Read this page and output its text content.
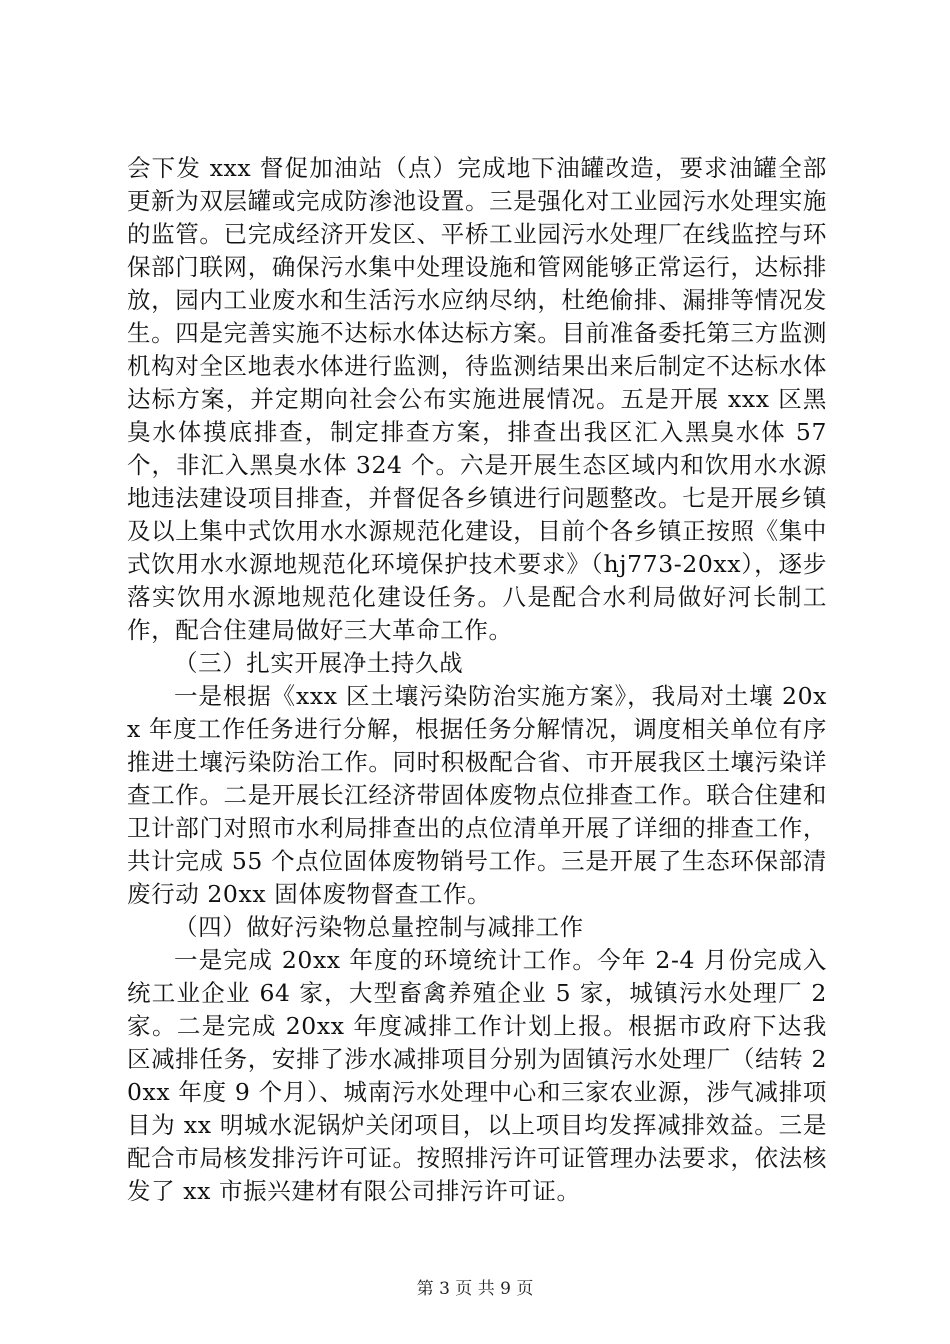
会下发 xxx 督促加油站（点）完成地下油罐改造，要求油罐全部更新为双层罐或完成防渗池设置。三是强化对工业园污水处理实施的监管。已完成经济开发区、平桥工业园污水处理厂在线监控与环保部门联网，确保污水集中处理设施和管网能够正常运行，达标排放，园内工业废水和生活污水应纳尽纳，杜绝偷排、漏排等情况发生。四是完善实施不达标水体达标方案。目前准备委托第三方监测机构对全区地表水体进行监测，待监测结果出来后制定不达标水体达标方案，并定期向社会公布实施进展情况。五是开展 xxx 区黑臭水体摸底排查，制定排查方案，排查出我区汇入黑臭水体 57 个，非汇入黑臭水体 324 个。六是开展生态区域内和饮用水水源地违法建设项目排查，并督促各乡镇进行问题整改。七是开展乡镇及以上集中式饮用水水源规范化建设，目前个各乡镇正按照《集中式饮用水水源地规范化环境保护技术要求》（hj773-20xx），逐步落实饮用水源地规范化建设任务。八是配合水利局做好河长制工作，配合住建局做好三大革命工作。

（三）扎实开展净土持久战

一是根据《xxx 区土壤污染防治实施方案》，我局对土壤 20xx 年度工作任务进行分解，根据任务分解情况，调度相关单位有序推进土壤污染防治工作。同时积极配合省、市开展我区土壤污染详查工作。二是开展长江经济带固体废物点位排查工作。联合住建和卫计部门对照市水利局排查出的点位清单开展了详细的排查工作，共计完成 55 个点位固体废物销号工作。三是开展了生态环保部清废行动 20xx 固体废物督查工作。

（四）做好污染物总量控制与减排工作

一是完成 20xx 年度的环境统计工作。今年 2-4 月份完成入统工业企业 64 家，大型畜禽养殖企业 5 家，城镇污水处理厂 2 家。二是完成 20xx 年度减排工作计划上报。根据市政府下达我区减排任务，安排了涉水减排项目分别为固镇污水处理厂（结转 20xx 年度 9 个月）、城南污水处理中心和三家农业源，涉气减排项目为 xx 明城水泥锅炉关闭项目，以上项目均发挥减排效益。三是配合市局核发排污许可证。按照排污许可证管理办法要求，依法核发了 xx 市振兴建材有限公司排污许可证。

第 3 页 共 9 页
